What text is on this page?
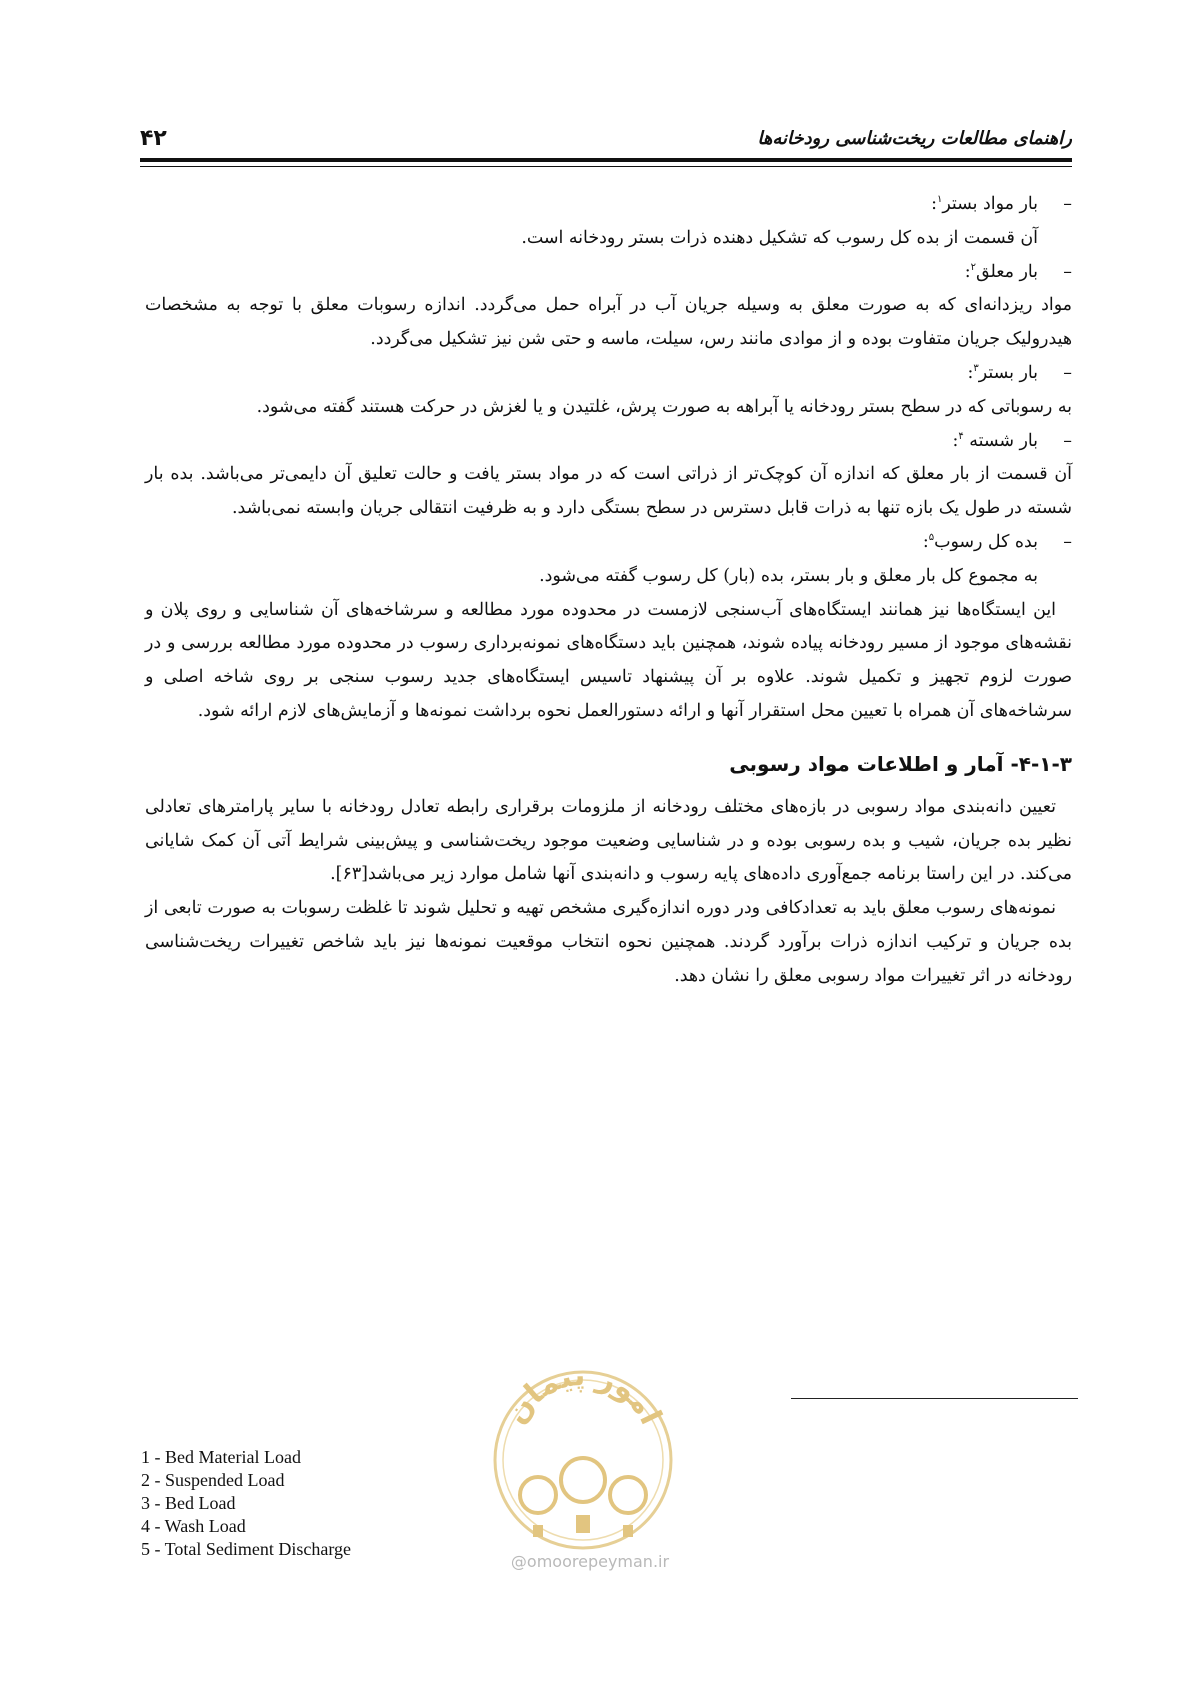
۴۲	راهنمای مطالعات ریخت‌شناسی رودخانه‌ها

–
بار مواد بستر$^۱$:

آن قسمت از بده کل رسوب که تشکیل دهنده ذرات بستر رودخانه است.

–
بار معلق$^۲$:

مواد ریزدانه‌ای که به صورت معلق به وسیله جریان آب در آبراه حمل می‌گردد. اندازه رسوبات معلق با توجه به مشخصات هیدرولیک جریان متفاوت بوده و از موادی مانند رس، سیلت، ماسه و حتی شن نیز تشکیل می‌گردد.

–
بار بستر$^۳$:

به رسوباتی که در سطح بستر رودخانه یا آبراهه به صورت پرش، غلتیدن و یا لغزش در حرکت هستند گفته می‌شود.

–
بار شسته $^۴$:

آن قسمت از بار معلق که اندازه آن کوچک‌تر از ذراتی است که در مواد بستر یافت و حالت تعلیق آن دایمی‌تر می‌باشد. بده بار شسته در طول یک بازه تنها به ذرات قابل دسترس در سطح بستگی دارد و به ظرفیت انتقالی جریان وابسته نمی‌باشد.

–
بده کل رسوب$^۵$:

به مجموع کل بار معلق و بار بستر، بده (بار) کل رسوب گفته می‌شود.

این ایستگاه‌ها نیز همانند ایستگاه‌های آب‌سنجی لازمست در محدوده مورد مطالعه و سرشاخه‌های آن شناسایی و روی پلان و نقشه‌های موجود از مسیر رودخانه پیاده شوند، همچنین باید دستگاه‌های نمونه‌برداری رسوب در محدوده مورد مطالعه بررسی و در صورت لزوم تجهیز و تکمیل شوند. علاوه بر آن پیشنهاد تاسیس ایستگاه‌های جدید رسوب سنجی بر روی شاخه اصلی و سرشاخه‌های آن همراه با تعیین محل استقرار آنها و ارائه دستورالعمل نحوه برداشت نمونه‌ها و آزمایش‌های لازم ارائه شود.

۴-۱-۳- آمار و اطلاعات مواد رسوبی

تعیین دانه‌بندی مواد رسوبی در بازه‌های مختلف رودخانه از ملزومات برقراری رابطه تعادل رودخانه با سایر پارامترهای تعادلی نظیر بده جریان، شیب و بده رسوبی بوده و در شناسایی وضعیت موجود ریخت‌شناسی و پیش‌بینی شرایط آتی آن کمک شایانی می‌کند. در این راستا برنامه جمع‌آوری داده‌های پایه رسوب و دانه‌بندی آنها شامل موارد زیر می‌باشد[۶۳].

نمونه‌های رسوب معلق باید به تعدادکافی ودر دوره اندازه‌گیری مشخص تهیه و تحلیل شوند تا غلظت رسوبات به صورت تابعی از بده جریان و ترکیب اندازه ذرات برآورد گردند. همچنین نحوه انتخاب موقعیت نمونه‌ها نیز باید شاخص تغییرات ریخت‌شناسی رودخانه در اثر تغییرات مواد رسوبی معلق را نشان دهد.

امور پیمان
@omoorepeyman.ir
1 - Bed Material Load
2 - Suspended Load
3 - Bed Load
4 - Wash Load
5 - Total Sediment Discharge
